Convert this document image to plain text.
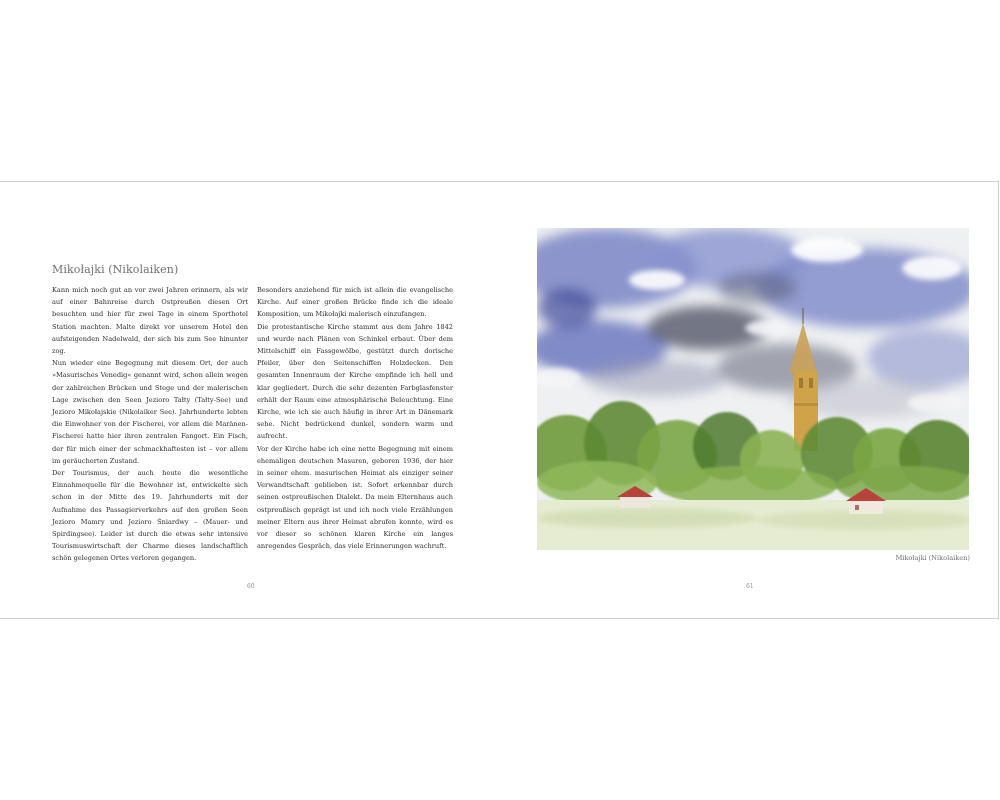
Mikołajki (Nikolaiken)

Kann mich noch gut an vor zwei Jahren erinnern, als wir auf einer Bahnreise durch Ostpreußen diesen Ort besuchten und hier für zwei Tage in einem Sporthotel Station machten. Malte direkt vor unserem Hotel den aufsteigenden Nadelwald, der sich bis zum See hinunter zog.

Nun wieder eine Begegnung mit diesem Ort, der auch »Masurisches Venedig« genannt wird, schon allein wegen der zahlreichen Brücken und Stege und der malerischen Lage zwischen den Seen Jezioro Tałty (Tałty-See) und Jezioro Mikołajskie (Nikolaiker See). Jahrhunderte lebten die Einwohner von der Fischerei, vor allem die Maränen-Fischerei hatte hier ihren zentralen Fangort. Ein Fisch, der für mich einer der schmackhaftesten ist – vor allem im geräucherten Zustand.

Der Tourismus, der auch heute die wesentliche Einnahmequelle für die Bewohner ist, entwickelte sich schon in der Mitte des 19. Jahrhunderts mit der Aufnahme des Passagierverkehrs auf den großen Seen Jezioro Mamry und Jezioro Śniardwy – (Mauer- und Spirdingsee). Leider ist durch die etwas sehr intensive Tourismuswirtschaft der Charme dieses landschaftlich schön gelegenen Ortes verloren gegangen.

Besonders anziehend für mich ist allein die evangelische Kirche. Auf einer großen Brücke finde ich die ideale Komposition, um Mikołajki malerisch einzufangen.

Die protestantische Kirche stammt aus dem Jahre 1842 und wurde nach Plänen von Schinkel erbaut. Über dem Mittelschiff ein Fassgewölbe, gestützt durch dorische Pfeiler, über den Seitenschiffen Holzdecken. Den gesamten Innenraum der Kirche empfinde ich hell und klar gegliedert. Durch die sehr dezenten Farbglasfenster erhält der Raum eine atmosphärische Beleuchtung. Eine Kirche, wie ich sie auch häufig in ihrer Art in Dänemark sehe. Nicht bedrückend dunkel, sondern warm und aufrecht.

Vor der Kirche habe ich eine nette Begegnung mit einem ehemaligen deutschen Masuren, geboren 1936, der hier in seiner ehem. masurischen Heimat als einziger seiner Verwandtschaft geblieben ist. Sofort erkennbar durch seinen ostpreußischen Dialekt. Da mein Elternhaus auch ostpreußisch geprägt ist und ich noch viele Erzählungen meiner Eltern aus ihrer Heimat abrufen konnte, wird es vor dieser so schönen klaren Kirche ein langes anregendes Gespräch, das viele Erinnerungen wachruft.

60
Mikołajki (Nikolaiken)
61
